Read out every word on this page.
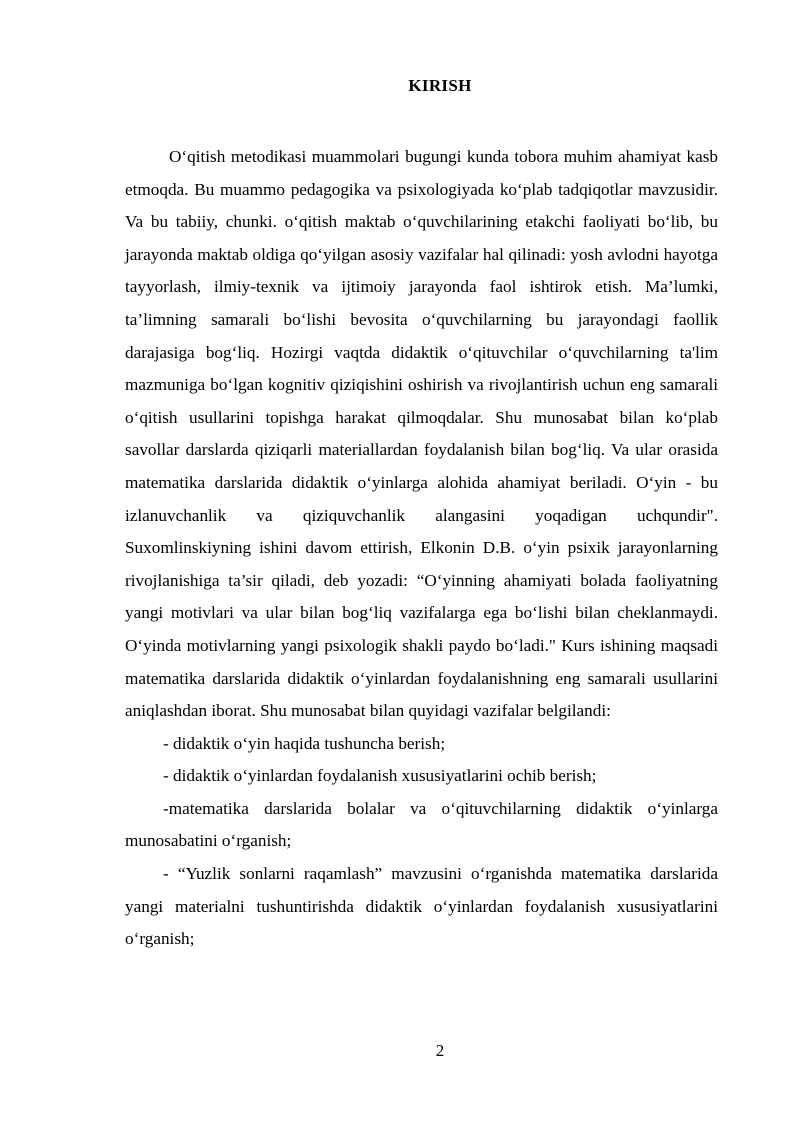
KIRISH

O‘qitish metodikasi muammolari bugungi kunda tobora muhim ahamiyat kasb etmoqda. Bu muammo pedagogika va psixologiyada ko‘plab tadqiqotlar mavzusidir. Va bu tabiiy, chunki. o‘qitish maktab o‘quvchilarining etakchi faoliyati bo‘lib, bu jarayonda maktab oldiga qo‘yilgan asosiy vazifalar hal qilinadi: yosh avlodni hayotga tayyorlash, ilmiy-texnik va ijtimoiy jarayonda faol ishtirok etish. Ma’lumki, ta’limning samarali bo‘lishi bevosita o‘quvchilarning bu jarayondagi faollik darajasiga bog‘liq. Hozirgi vaqtda didaktik o‘qituvchilar o‘quvchilarning ta'lim mazmuniga bo‘lgan kognitiv qiziqishini oshirish va rivojlantirish uchun eng samarali o‘qitish usullarini topishga harakat qilmoqdalar. Shu munosabat bilan ko‘plab savollar darslarda qiziqarli materiallardan foydalanish bilan bog‘liq. Va ular orasida matematika darslarida didaktik o‘yinlarga alohida ahamiyat beriladi. O‘yin - bu izlanuvchanlik va qiziquvchanlik alangasini yoqadigan uchqundir". Suxomlinskiyning ishini davom ettirish, Elkonin D.B. o‘yin psixik jarayonlarning rivojlanishiga ta’sir qiladi, deb yozadi: “O‘yinning ahamiyati bolada faoliyatning yangi motivlari va ular bilan bog‘liq vazifalarga ega bo‘lishi bilan cheklanmaydi. O‘yinda motivlarning yangi psixologik shakli paydo bo‘ladi." Kurs ishining maqsadi matematika darslarida didaktik o‘yinlardan foydalanishning eng samarali usullarini aniqlashdan iborat. Shu munosabat bilan quyidagi vazifalar belgilandi:

- didaktik o‘yin haqida tushuncha berish;

- didaktik o‘yinlardan foydalanish xususiyatlarini ochib berish;

-matematika darslarida bolalar va o‘qituvchilarning didaktik o‘yinlarga munosabatini o‘rganish;

- “Yuzlik sonlarni raqamlash” mavzusini o‘rganishda matematika darslarida yangi materialni tushuntirishda didaktik o‘yinlardan foydalanish xususiyatlarini o‘rganish;

2
